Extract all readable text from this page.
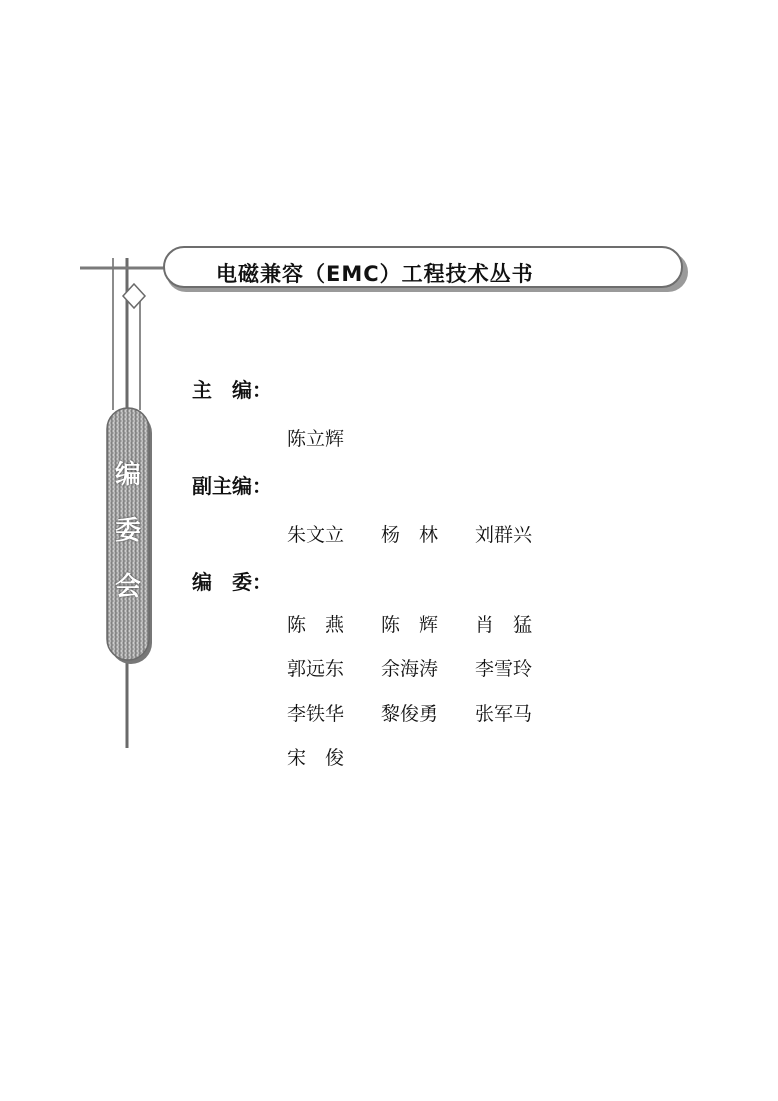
电磁兼容（EMC）工程技术丛书
编
委
会
主 编：
陈立辉
副主编：
朱文立 杨　林 刘群兴
编 委：
陈　燕 陈　辉 肖　猛
郭远东 余海涛 李雪玲
李铁华 黎俊勇 张军马
宋　俊
